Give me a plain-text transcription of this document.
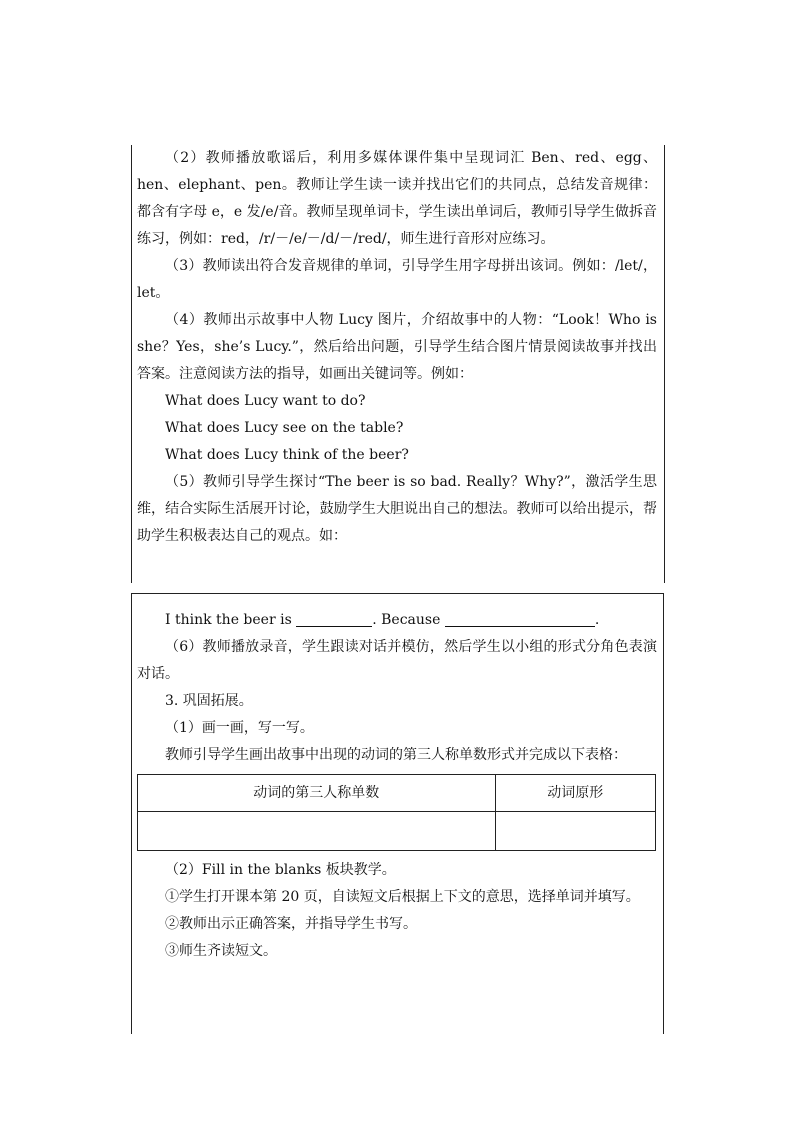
（2）教师播放歌谣后，利用多媒体课件集中呈现词汇 Ben、red、egg、hen、elephant、pen。教师让学生读一读并找出它们的共同点，总结发音规律：都含有字母 e，e 发/e/音。教师呈现单词卡，学生读出单词后，教师引导学生做拆音练习，例如：red，/r/－/e/－/d/－/red/，师生进行音形对应练习。

（3）教师读出符合发音规律的单词，引导学生用字母拼出该词。例如：/let/，let。

（4）教师出示故事中人物 Lucy 图片，介绍故事中的人物：“Look！Who is she？Yes，she’s Lucy.”，然后给出问题，引导学生结合图片情景阅读故事并找出答案。注意阅读方法的指导，如画出关键词等。例如：

What does Lucy want to do?

What does Lucy see on the table?

What does Lucy think of the beer?

（5）教师引导学生探讨“The beer is so bad. Really？Why?”，激活学生思维，结合实际生活展开讨论，鼓励学生大胆说出自己的想法。教师可以给出提示，帮助学生积极表达自己的观点。如：

I think the beer is	. Because	.

（6）教师播放录音，学生跟读对话并模仿，然后学生以小组的形式分角色表演对话。

3. 巩固拓展。

（1）画一画，写一写。

教师引导学生画出故事中出现的动词的第三人称单数形式并完成以下表格：

动词的第三人称单数	动词原形

（2）Fill in the blanks 板块教学。

①学生打开课本第 20 页，自读短文后根据上下文的意思，选择单词并填写。

②教师出示正确答案，并指导学生书写。

③师生齐读短文。
